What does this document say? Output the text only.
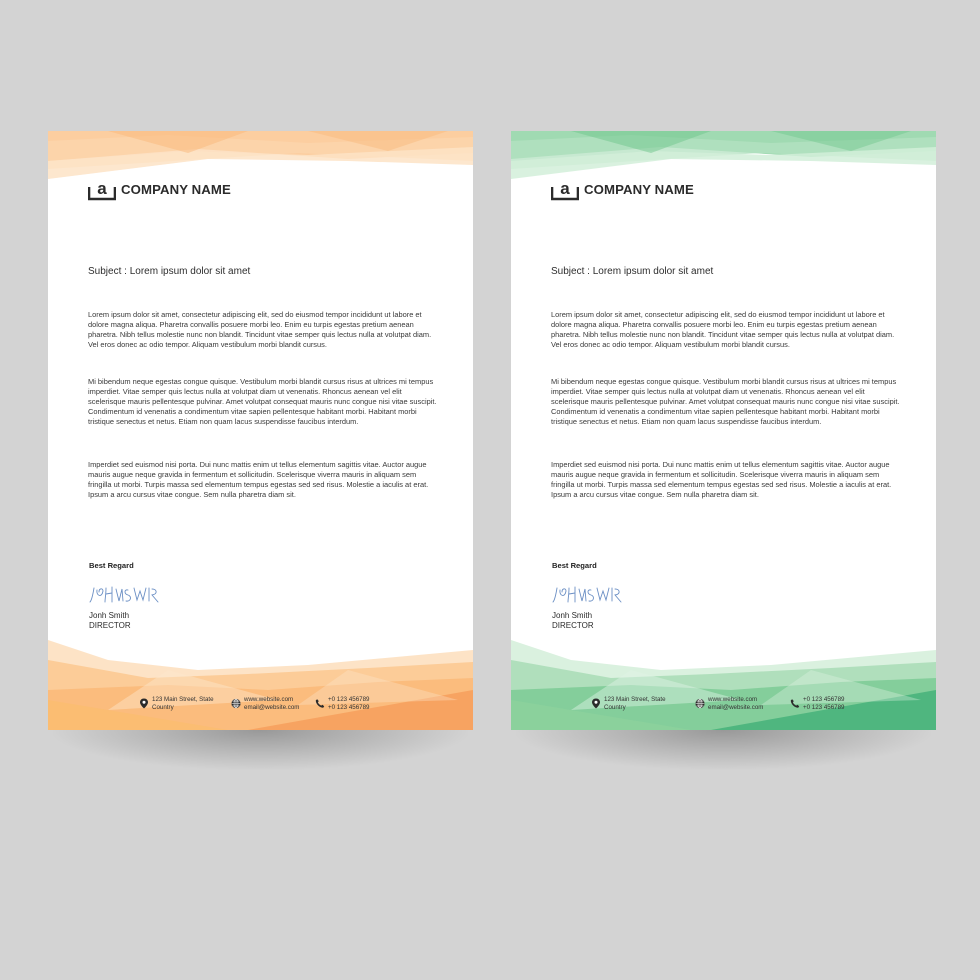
a COMPANY NAME
Subject : Lorem ipsum dolor sit amet

Lorem ipsum dolor sit amet, consectetur adipiscing elit, sed do eiusmod tempor incididunt ut labore et dolore magna aliqua. Pharetra convallis posuere morbi leo. Enim eu turpis egestas pretium aenean pharetra. Nibh tellus molestie nunc non blandit. Tincidunt vitae semper quis lectus nulla at volutpat diam. Vel eros donec ac odio tempor. Aliquam vestibulum morbi blandit cursus.

Mi bibendum neque egestas congue quisque. Vestibulum morbi blandit cursus risus at ultrices mi tempus imperdiet. Vitae semper quis lectus nulla at volutpat diam ut venenatis. Rhoncus aenean vel elit scelerisque mauris pellentesque pulvinar. Amet volutpat consequat mauris nunc congue nisi vitae suscipit. Condimentum id venenatis a condimentum vitae sapien pellentesque habitant morbi. Habitant morbi tristique senectus et netus. Etiam non quam lacus suspendisse faucibus interdum.

Imperdiet sed euismod nisi porta. Dui nunc mattis enim ut tellus elementum sagittis vitae. Auctor augue mauris augue neque gravida in fermentum et sollicitudin. Scelerisque viverra mauris in aliquam sem fringilla ut morbi. Turpis massa sed elementum tempus egestas sed sed risus. Molestie a iaculis at erat. Ipsum a arcu cursus vitae congue. Sem nulla pharetra diam sit.

Best Regard
Jonh Smith
DIRECTOR
123 Main Street, State
Country
www.website.com
email@website.com
+0 123 456789
+0 123 456789
a COMPANY NAME
Subject : Lorem ipsum dolor sit amet

Lorem ipsum dolor sit amet, consectetur adipiscing elit, sed do eiusmod tempor incididunt ut labore et dolore magna aliqua. Pharetra convallis posuere morbi leo. Enim eu turpis egestas pretium aenean pharetra. Nibh tellus molestie nunc non blandit. Tincidunt vitae semper quis lectus nulla at volutpat diam. Vel eros donec ac odio tempor. Aliquam vestibulum morbi blandit cursus.

Mi bibendum neque egestas congue quisque. Vestibulum morbi blandit cursus risus at ultrices mi tempus imperdiet. Vitae semper quis lectus nulla at volutpat diam ut venenatis. Rhoncus aenean vel elit scelerisque mauris pellentesque pulvinar. Amet volutpat consequat mauris nunc congue nisi vitae suscipit. Condimentum id venenatis a condimentum vitae sapien pellentesque habitant morbi. Habitant morbi tristique senectus et netus. Etiam non quam lacus suspendisse faucibus interdum.

Imperdiet sed euismod nisi porta. Dui nunc mattis enim ut tellus elementum sagittis vitae. Auctor augue mauris augue neque gravida in fermentum et sollicitudin. Scelerisque viverra mauris in aliquam sem fringilla ut morbi. Turpis massa sed elementum tempus egestas sed sed risus. Molestie a iaculis at erat. Ipsum a arcu cursus vitae congue. Sem nulla pharetra diam sit.

Best Regard
Jonh Smith
DIRECTOR
123 Main Street, State
Country
www.website.com
email@website.com
+0 123 456789
+0 123 456789
